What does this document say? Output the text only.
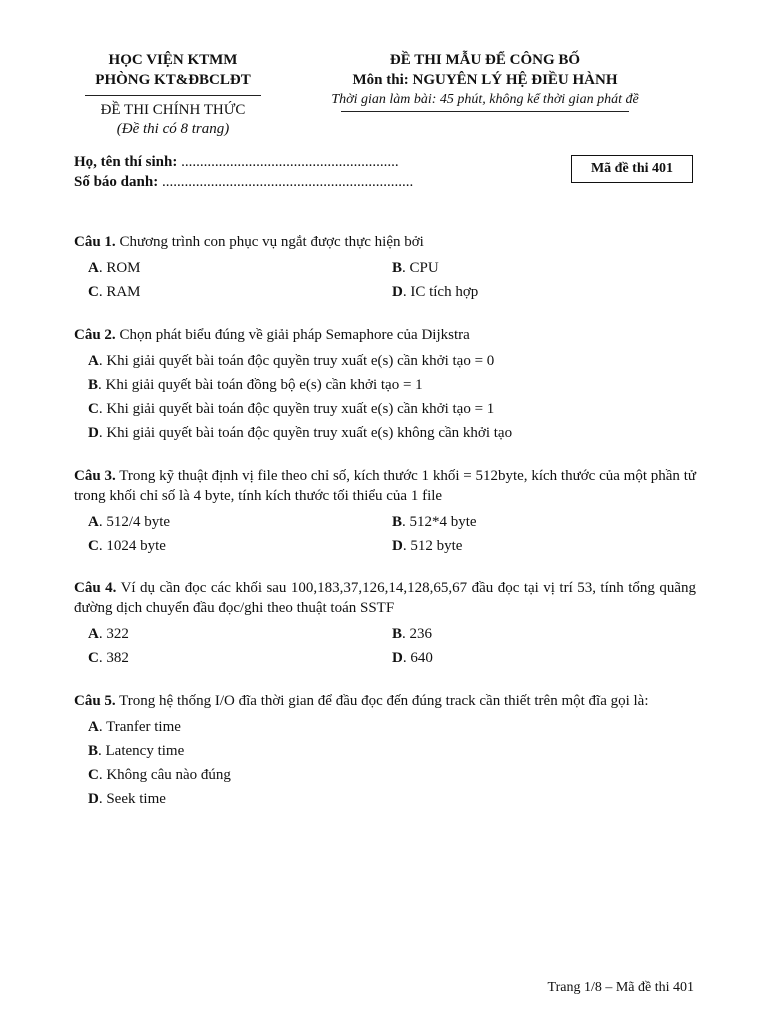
HỌC VIỆN KTMM
PHÒNG KT&ĐBCLĐT
ĐỀ THI CHÍNH THỨC
(Đề thi có 8 trang)
ĐỀ THI MẪU ĐỂ CÔNG BỐ
Môn thi: NGUYÊN LÝ HỆ ĐIỀU HÀNH
Thời gian làm bài: 45 phút, không kể thời gian phát đề
Họ, tên thí sinh: ..........................................................
Số báo danh: ...................................................................
Mã đề thi 401
Câu 1. Chương trình con phục vụ ngắt được thực hiện bởi
A. ROM	B. CPU
C. RAM	D. IC tích hợp
Câu 2. Chọn phát biểu đúng về giải pháp Semaphore của Dijkstra
A. Khi giải quyết bài toán độc quyền truy xuất e(s) cần khởi tạo = 0
B. Khi giải quyết bài toán đồng bộ e(s) cần khởi tạo = 1
C. Khi giải quyết bài toán độc quyền truy xuất e(s) cần khởi tạo = 1
D. Khi giải quyết bài toán độc quyền truy xuất e(s) không cần khởi tạo
Câu 3. Trong kỹ thuật định vị file theo chỉ số, kích thước 1 khối = 512byte, kích thước của một phần tử trong khối chỉ số là 4 byte, tính kích thước tối thiểu của 1 file
A. 512/4 byte	B. 512*4 byte
C. 1024 byte	D. 512 byte
Câu 4. Ví dụ cần đọc các khối sau 100,183,37,126,14,128,65,67 đầu đọc tại vị trí 53, tính tổng quãng đường dịch chuyển đầu đọc/ghi theo thuật toán SSTF
A. 322	B. 236
C. 382	D. 640
Câu 5. Trong hệ thống I/O đĩa thời gian để đầu đọc đến đúng track cần thiết trên một đĩa gọi là:
A. Tranfer time
B. Latency time
C. Không câu nào đúng
D. Seek time
Trang 1/8 – Mã đề thi 401
